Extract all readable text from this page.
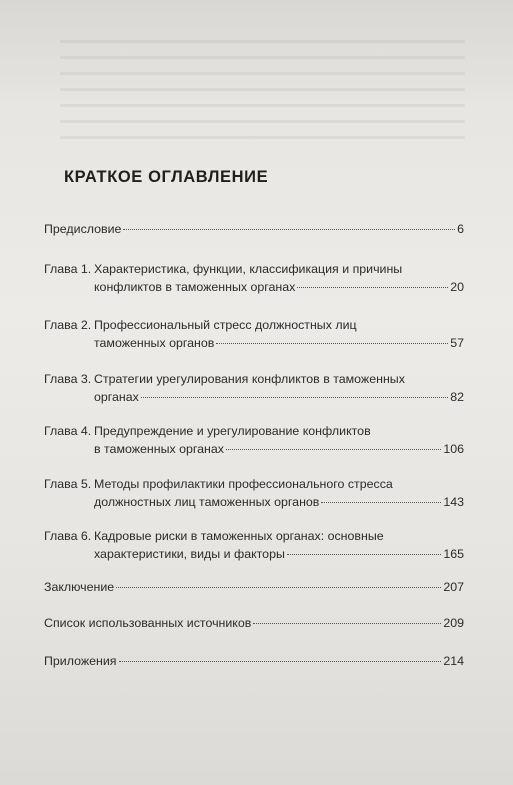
КРАТКОЕ ОГЛАВЛЕНИЕ
Предисловие	6
Глава 1. Характеристика, функции, классификация и причины
конфликтов в таможенных органах	20
Глава 2. Профессиональный стресс должностных лиц
таможенных органов	57
Глава 3. Стратегии урегулирования конфликтов в таможенных
органах	82
Глава 4. Предупреждение и урегулирование конфликтов
в таможенных органах	106
Глава 5. Методы профилактики профессионального стресса
должностных лиц таможенных органов	143
Глава 6. Кадровые риски в таможенных органах: основные
характеристики, виды и факторы	165
Заключение	207
Список использованных источников	209
Приложения	214
